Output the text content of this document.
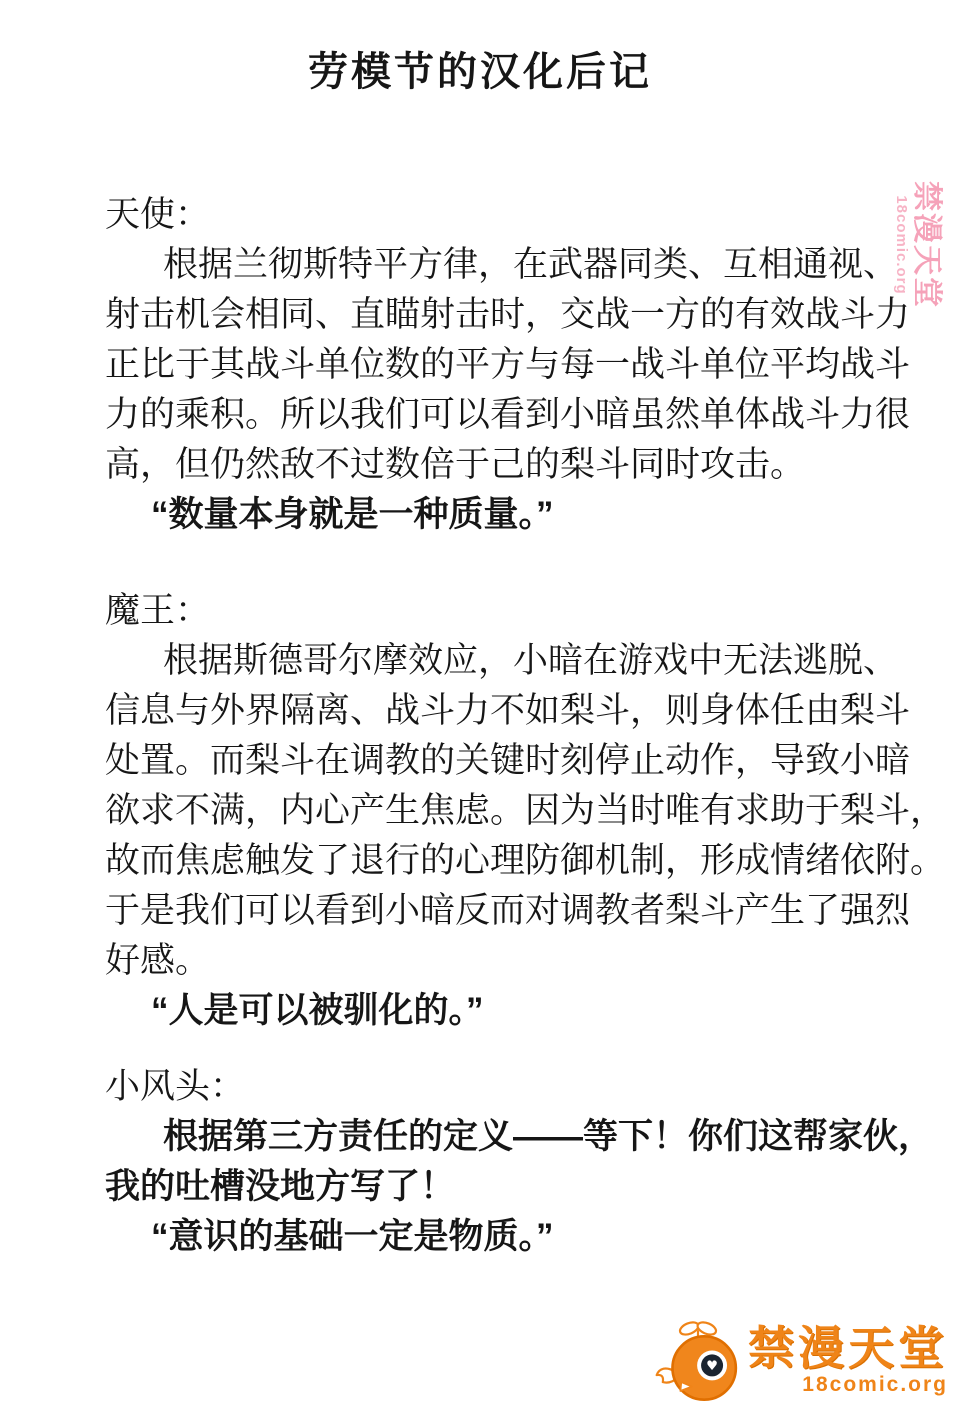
劳模节的汉化后记
天使：
根据兰彻斯特平方律，在武器同类、互相通视、
射击机会相同、直瞄射击时，交战一方的有效战斗力
正比于其战斗单位数的平方与每一战斗单位平均战斗
力的乘积。所以我们可以看到小暗虽然单体战斗力很
高，但仍然敌不过数倍于己的梨斗同时攻击。
“数量本身就是一种质量。”
魔王：
根据斯德哥尔摩效应，小暗在游戏中无法逃脱、
信息与外界隔离、战斗力不如梨斗，则身体任由梨斗
处置。而梨斗在调教的关键时刻停止动作，导致小暗
欲求不满，内心产生焦虑。因为当时唯有求助于梨斗，
故而焦虑触发了退行的心理防御机制，形成情绪依附。
于是我们可以看到小暗反而对调教者梨斗产生了强烈
好感。
“人是可以被驯化的。”
小风头：
根据第三方责任的定义——等下！你们这帮家伙，
我的吐槽没地方写了！
“意识的基础一定是物质。”
禁漫天堂
18comic.org
♥ 禁漫天堂
18comic.org
